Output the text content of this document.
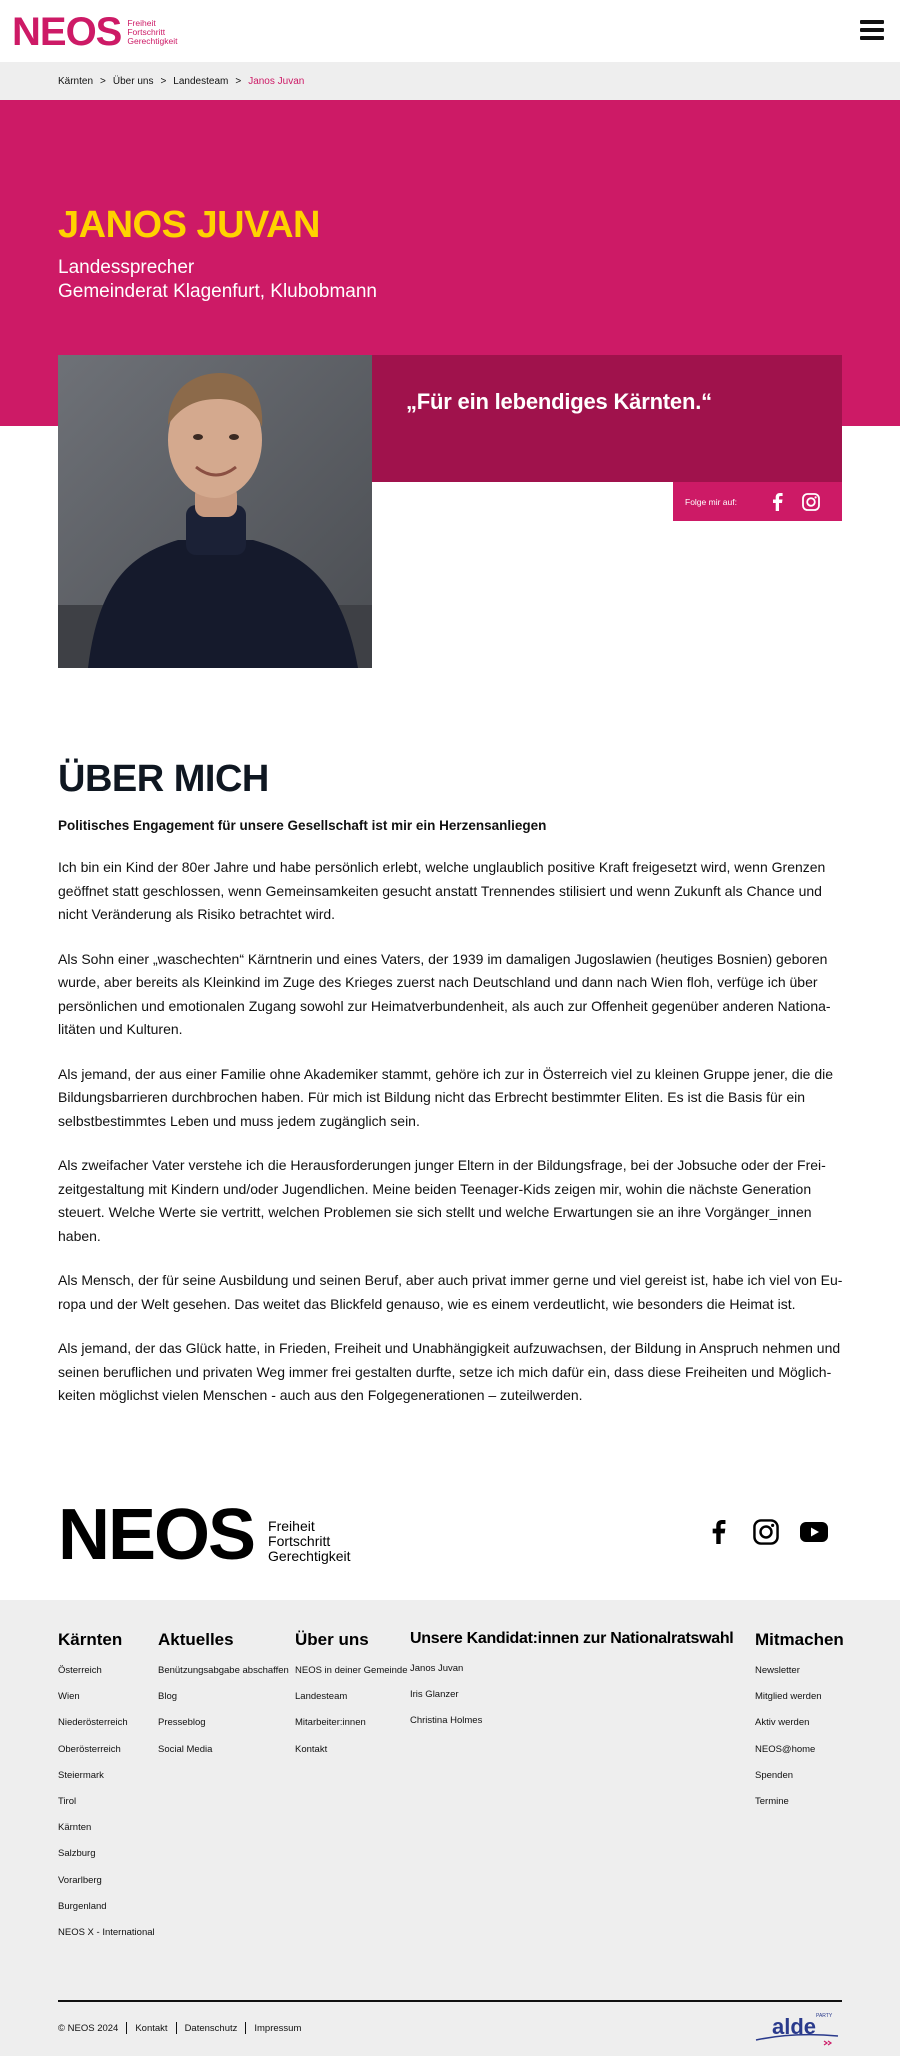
NEOS Freiheit
Fortschritt
Gerechtigkeit
Kärnten > Über uns > Landesteam > Janos Juvan
JANOS JUVAN
Landessprecher
Gemeinderat Klagenfurt, Klubobmann

„Für ein lebendiges Kärnten.“

Folge mir auf:
ÜBER MICH

Politisches Engagement für unsere Gesellschaft ist mir ein Herzensanliegen

Ich bin ein Kind der 80er Jahre und habe persönlich erlebt, welche unglaublich positive Kraft freigesetzt wird, wenn Grenzen geöffnet statt geschlossen, wenn Gemeinsamkeiten gesucht anstatt Trennendes stilisiert und wenn Zukunft als Chance und nicht Veränderung als Risiko betrachtet wird.

Als Sohn einer „waschechten“ Kärntnerin und eines Vaters, der 1939 im damaligen Jugoslawien (heutiges Bosnien) geboren wurde, aber bereits als Kleinkind im Zuge des Krieges zuerst nach Deutschland und dann nach Wien floh, verfüge ich über persönlichen und emotionalen Zugang sowohl zur Heimatverbundenheit, als auch zur Offenheit gegenüber anderen Nationalitäten und Kulturen.

Als jemand, der aus einer Familie ohne Akademiker stammt, gehöre ich zur in Österreich viel zu kleinen Gruppe jener, die die Bildungsbarrieren durchbrochen haben. Für mich ist Bildung nicht das Erbrecht bestimmter Eliten. Es ist die Basis für ein selbstbestimmtes Leben und muss jedem zugänglich sein.

Als zweifacher Vater verstehe ich die Herausforderungen junger Eltern in der Bildungsfrage, bei der Jobsuche oder der Freizeitgestaltung mit Kindern und/oder Jugendlichen. Meine beiden Teenager-Kids zeigen mir, wohin die nächste Generation steuert. Welche Werte sie vertritt, welchen Problemen sie sich stellt und welche Erwartungen sie an ihre Vorgänger_innen haben.

Als Mensch, der für seine Ausbildung und seinen Beruf, aber auch privat immer gerne und viel gereist ist, habe ich viel von Europa und der Welt gesehen. Das weitet das Blickfeld genauso, wie es einem verdeutlicht, wie besonders die Heimat ist.

Als jemand, der das Glück hatte, in Frieden, Freiheit und Unabhängigkeit aufzuwachsen, der Bildung in Anspruch nehmen und seinen beruflichen und privaten Weg immer frei gestalten durfte, setze ich mich dafür ein, dass diese Freiheiten und Möglichkeiten möglichst vielen Menschen - auch aus den Folgegenerationen – zuteilwerden.

NEOS Freiheit
Fortschritt
Gerechtigkeit
Kärnten
Österreich
Wien
Niederösterreich
Oberösterreich
Steiermark
Tirol
Kärnten
Salzburg
Vorarlberg
Burgenland
NEOS X - International
Aktuelles
Benützungsabgabe abschaffen
Blog
Presseblog
Social Media
Über uns
NEOS in deiner Gemeinde
Landesteam
Mitarbeiter:innen
Kontakt
Unsere Kandidat:innen zur Nationalratswahl
Janos Juvan
Iris Glanzer
Christina Holmes
Mitmachen
Newsletter
Mitglied werden
Aktiv werden
NEOS@home
Spenden
Termine
© NEOS 2024 Kontakt Datenschutz Impressum	alde PARTY
